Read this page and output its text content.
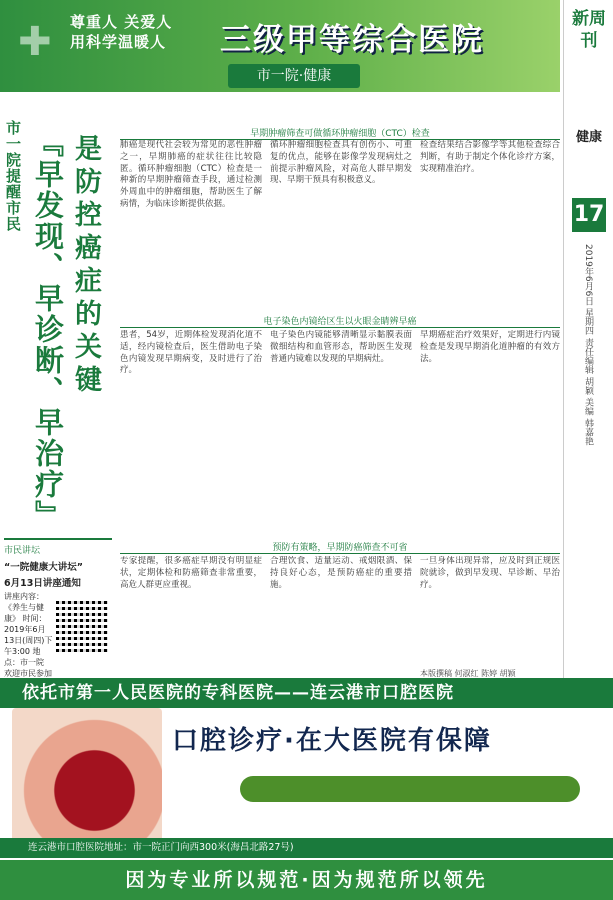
✚	尊重人 关爱人
用科学温暖人 三级甲等综合医院
市一院·健康
新周刊
健康
17
2019年6月6日 星期四 责任编辑 胡颖 美编 韩嘉艳
市一院提醒市民 『早发现、早诊断、早治疗』 是防控癌症的关键	早期肿瘤筛查可做循环肿瘤细胞（CTC）检查
肺癌是现代社会较为常见的恶性肿瘤之一，早期肺癌的症状往往比较隐匿。循环肿瘤细胞（CTC）检查是一种新的早期肿瘤筛查手段，通过检测外周血中的肿瘤细胞，帮助医生了解病情，为临床诊断提供依据。
循环肿瘤细胞检查具有创伤小、可重复的优点，能够在影像学发现病灶之前提示肿瘤风险，对高危人群早期发现、早期干预具有积极意义。
检查结果结合影像学等其他检查综合判断，有助于制定个体化诊疗方案，实现精准治疗。
电子染色内镜给区生以火眼金睛辨早癌
患者，54岁，近期体检发现消化道不适，经内镜检查后，医生借助电子染色内镜发现早期病变，及时进行了治疗。
电子染色内镜能够清晰显示黏膜表面微细结构和血管形态，帮助医生发现普通内镜难以发现的早期病灶。
早期癌症治疗效果好，定期进行内镜检查是发现早期消化道肿瘤的有效方法。
预防有策略，早期防癌筛查不可省
专家提醒，很多癌症早期没有明显症状，定期体检和防癌筛查非常重要，高危人群更应重视。
合理饮食、适量运动、戒烟限酒、保持良好心态，是预防癌症的重要措施。
一旦身体出现异常，应及时到正规医院就诊，做到早发现、早诊断、早治疗。
市民讲坛
“一院健康大讲坛”
6月13日讲座通知
讲座内容：《养生与健康》 时间：2019年6月13日(周四)下午3:00 地点：市一院 欢迎市民参加	本版撰稿 何淑红 陈婷 胡颖
依托市第一人民医院的专科医院——连云港市口腔医院
口腔诊疗·在大医院有保障
连云港市口腔医院地址：市一院正门向西300米(海昌北路27号)
因为专业所以规范·因为规范所以领先
